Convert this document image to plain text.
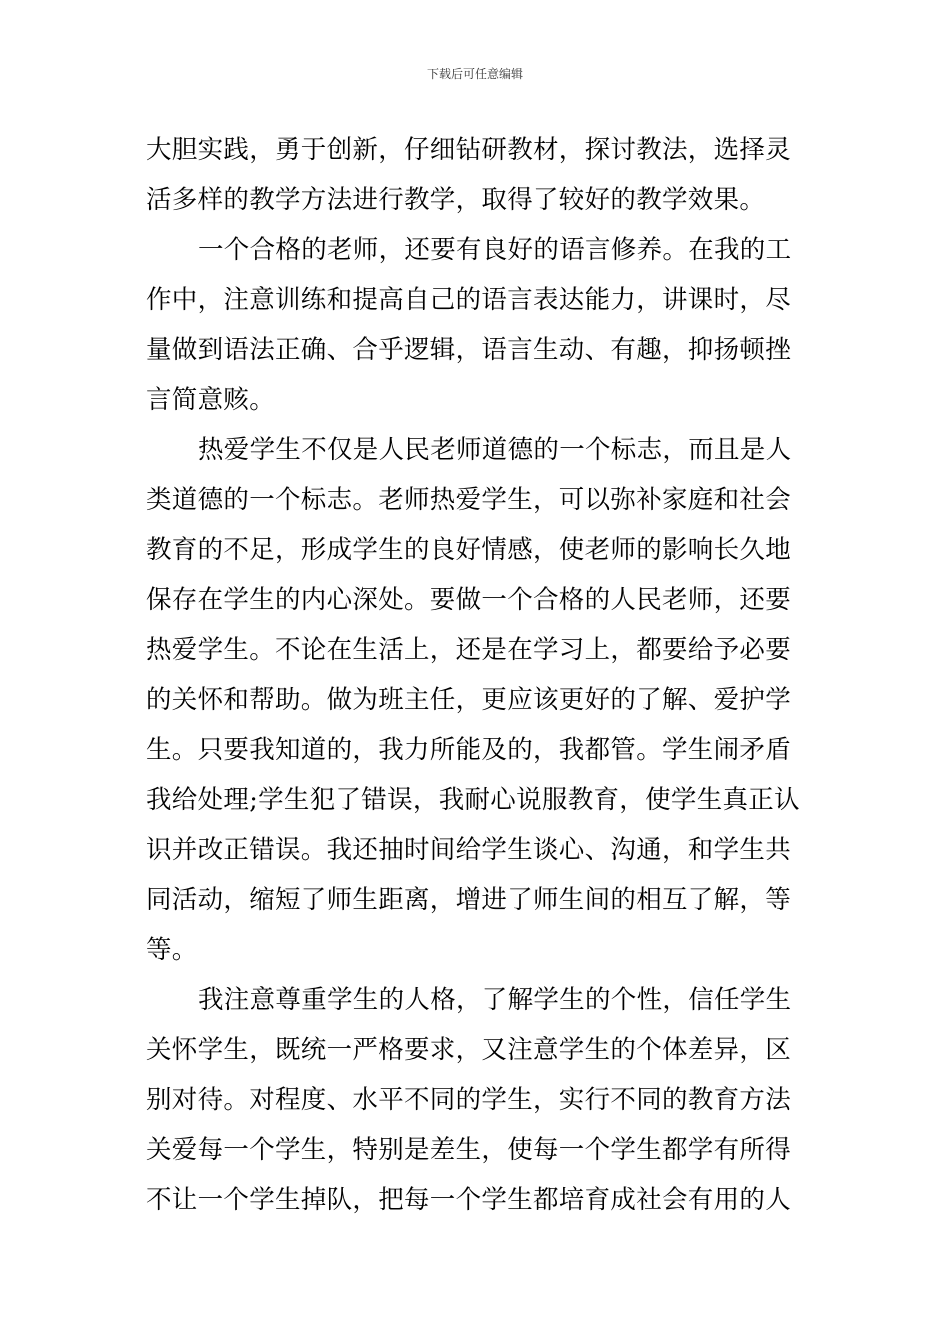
下载后可任意编辑
大胆实践，勇于创新，仔细钻研教材，探讨教法，选择灵
活多样的教学方法进行教学，取得了较好的教学效果。
一个合格的老师，还要有良好的语言修养。在我的工
作中，注意训练和提高自己的语言表达能力，讲课时，尽
量做到语法正确、合乎逻辑，语言生动、有趣，抑扬顿挫
言简意赅。
热爱学生不仅是人民老师道德的一个标志，而且是人
类道德的一个标志。老师热爱学生，可以弥补家庭和社会
教育的不足，形成学生的良好情感，使老师的影响长久地
保存在学生的内心深处。要做一个合格的人民老师，还要
热爱学生。不论在生活上，还是在学习上，都要给予必要
的关怀和帮助。做为班主任，更应该更好的了解、爱护学
生。只要我知道的，我力所能及的，我都管。学生闹矛盾
我给处理;学生犯了错误，我耐心说服教育，使学生真正认
识并改正错误。我还抽时间给学生谈心、沟通，和学生共
同活动，缩短了师生距离，增进了师生间的相互了解，等
等。
我注意尊重学生的人格，了解学生的个性，信任学生
关怀学生，既统一严格要求，又注意学生的个体差异，区
别对待。对程度、水平不同的学生，实行不同的教育方法
关爱每一个学生，特别是差生，使每一个学生都学有所得
不让一个学生掉队，把每一个学生都培育成社会有用的人
